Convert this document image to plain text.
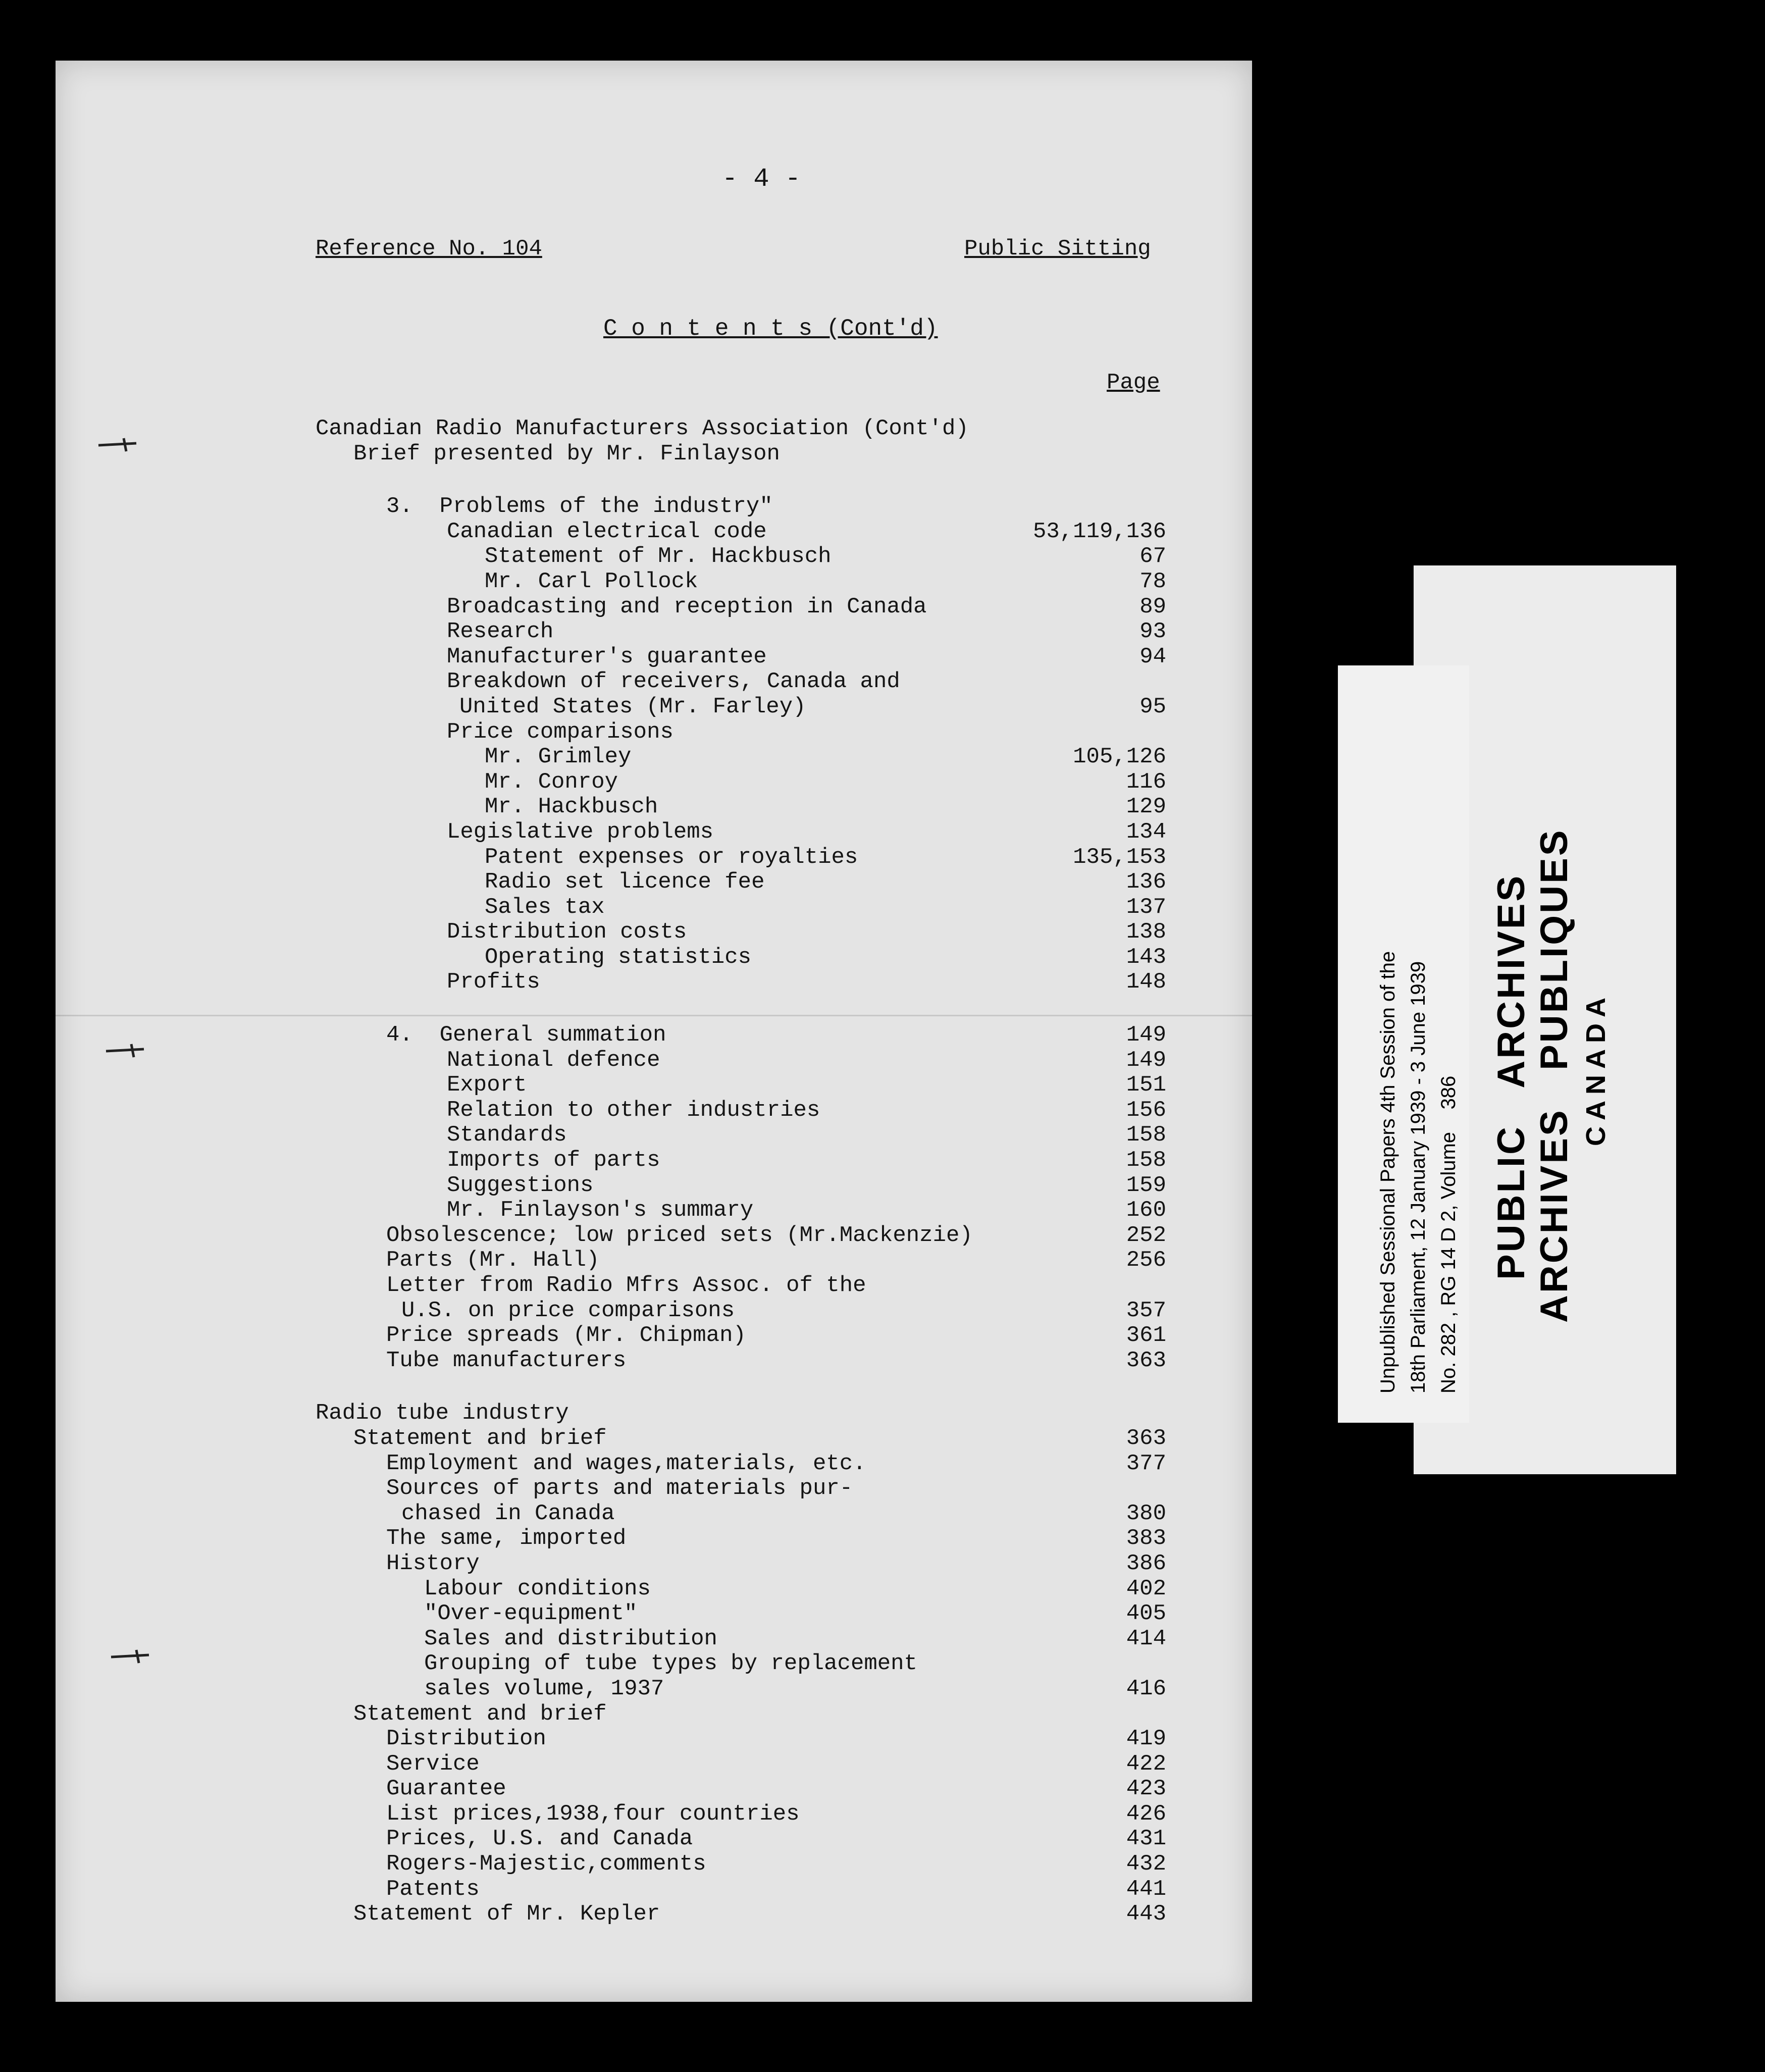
- 4 -
Reference No. 104	Public Sitting
C o n t e n t s (Cont'd)
Page
Canadian Radio Manufacturers Association (Cont'd)
Brief presented by Mr. Finlayson
3.  Problems of the industry"
Canadian electrical code	53,119,136
Statement of Mr. Hackbusch	67
Mr. Carl Pollock	78
Broadcasting and reception in Canada	89
Research	93
Manufacturer's guarantee	94
Breakdown of receivers, Canada and
United States (Mr. Farley)	95
Price comparisons
Mr. Grimley	105,126
Mr. Conroy	116
Mr. Hackbusch	129
Legislative problems	134
Patent expenses or royalties	135,153
Radio set licence fee	136
Sales tax	137
Distribution costs	138
Operating statistics	143
Profits	148
4.  General summation	149
National defence	149
Export	151
Relation to other industries	156
Standards	158
Imports of parts	158
Suggestions	159
Mr. Finlayson's summary	160
Obsolescence; low priced sets (Mr.Mackenzie)	252
Parts (Mr. Hall)	256
Letter from Radio Mfrs Assoc. of the
U.S. on price comparisons	357
Price spreads (Mr. Chipman)	361
Tube manufacturers	363
Radio tube industry
Statement and brief	363
Employment and wages,materials, etc.	377
Sources of parts and materials pur-
chased in Canada	380
The same, imported	383
History	386
Labour conditions	402
"Over-equipment"	405
Sales and distribution	414
Grouping of tube types by replacement
sales volume, 1937	416
Statement and brief
Distribution	419
Service	422
Guarantee	423
List prices,1938,four countries	426
Prices, U.S. and Canada	431
Rogers-Majestic,comments	432
Patents	441
Statement of Mr. Kepler	443
Unpublished Sessional Papers 4th Session of the 18th Parliament, 12 January 1939 - 3 June 1939 No. 282 , RG 14 D 2, Volume    386 PUBLIC   ARCHIVES ARCHIVES   PUBLIQUES CANADA
